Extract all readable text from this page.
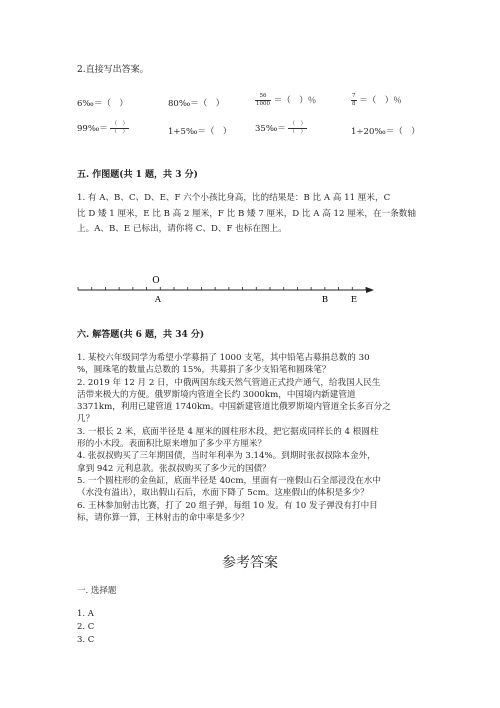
2.直接写出答案。
6‰＝（　）	80‰＝（　）	$\frac{56}{1000}$ ＝（　）％	$\frac{7}{8}$ ＝（　）％
99‰＝ $\frac{( )}{( )}$	1+5‰＝（　）	35‰＝ $\frac{( )}{( )}$	1÷20‰＝（　）
五. 作图题(共 1 题，共 3 分)
1. 有 A、B、C、D、E、F 六个小孩比身高，比的结果是：B 比 A 高 11 厘米，C
比 D 矮 1 厘米，E 比 B 高 2 厘米，F 比 B 矮 7 厘米，D 比 A 高 12 厘米，在一条数轴
上。A、B、E 已标出，请你将 C、D、F 也标在图上。
O
A	B	E
六. 解答题(共 6 题，共 34 分)
1. 某校六年级同学为希望小学募捐了 1000 支笔，其中铅笔占募捐总数的 30
%，圆珠笔的数量占总数的 15%，共募捐了多少支铅笔和圆珠笔？
2. 2019 年 12 月 2 日，中俄两国东线天然气管道正式投产通气，给我国人民生
活带来极大的方便。俄罗斯境内管道全长约 3000km，中国境内新建管道
3371km，利用已建管道 1740km。中国新建管道比俄罗斯境内管道全长多百分之
几？
3. 一根长 2 米，底面半径是 4 厘米的圆柱形木段，把它据成同样长的 4 根圆柱
形的小木段。表面积比原来增加了多少平方厘米？
4. 张叔叔购买了三年期国债，当时年利率为 3.14%。到期时张叔叔除本金外，
拿到 942 元利息款。张叔叔购买了多少元的国债？
5. 一个圆柱形的金鱼缸，底面半径是 40cm，里面有一座假山石全部浸没在水中
（水没有溢出），取出假山石后，水面下降了 5cm。这座假山的体积是多少？
6. 王林参加射击比赛，打了 20 组子弹，每组 10 发。有 10 发子弹没有打中目
标，请你算一算，王林射击的命中率是多少？
参考答案
一. 选择题
1. A
2. C
3. C
